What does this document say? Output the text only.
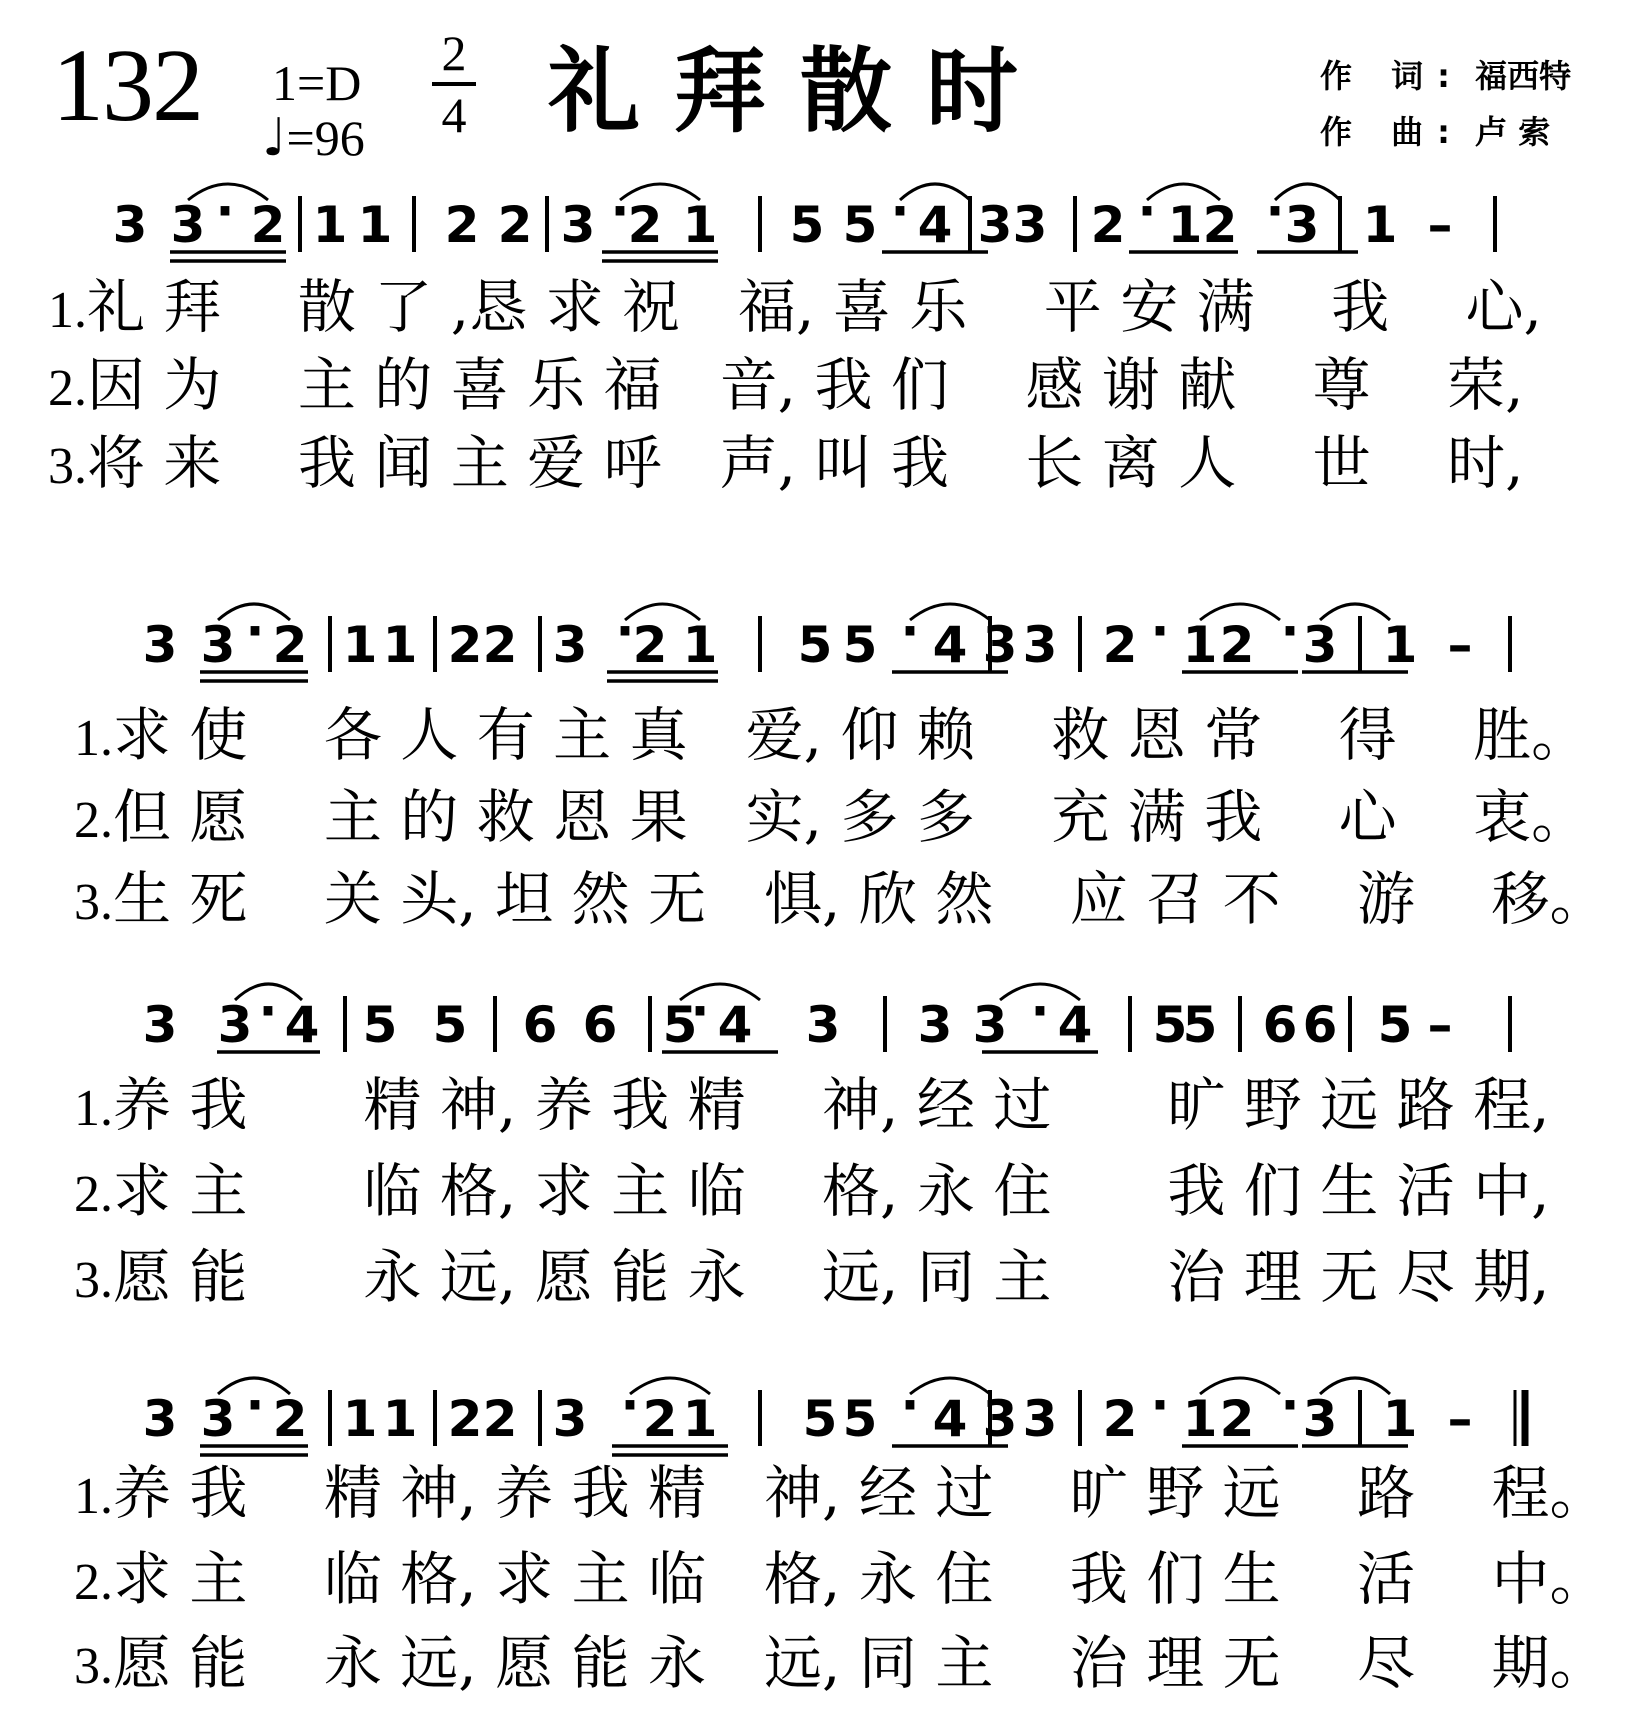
132 1=D
♩=96
2
4 礼拜散时	作 词: 福西特
作 曲: 卢 索
3 3 · 2 1 1 2 2 3 ·
2 1 5 5 · 4 3 3 2 · 1 2 · 3 1 –
1.礼 拜　 散 了 ,恳 求 祝　福, 喜 乐　 平 安 满　 我　 心,
2.因 为　 主 的 喜 乐 福　音, 我 们　 感 谢 献　 尊　 荣,
3.将 来　 我 闻 主 爱 呼　声, 叫 我　 长 离 人　 世　 时,
3 3 · 2 1 1 2 2 3 ·
2 1 5 5 · 4 3 3 2 · 1 2 · 3 1 –
1.求 使　 各 人 有 主 真　爱, 仰 赖　 救 恩 常　 得　 胜。
2.但 愿　 主 的 救 恩 果　实, 多 多　 充 满 我　 心　 衷。
3.生 死　 关 头, 坦 然 无　惧, 欣 然　 应 召 不　 游　 移。
3 3 · 4 5 5 6 6 5
· 4 3 3 3 · 4 5
5 6 6 5 –
1.养 我　　精 神, 养 我 精　 神, 经 过　　旷 野 远 路 程,
2.求 主　　临 格, 求 主 临　 格, 永 住　　我 们 生 活 中,
3.愿 能　　永 远, 愿 能 永　 远, 同 主　　治 理 无 尽 期,
3 3 · 2 1 1 2 2 3 · 2 1 5 5 · 4 3 3 2 · 1 2 · 3 1 –
1.养 我　 精 神, 养 我 精　神, 经 过　 旷 野 远　 路　 程。
2.求 主　 临 格, 求 主 临　格, 永 住　 我 们 生　 活　 中。
3.愿 能　 永 远, 愿 能 永　远, 同 主　 治 理 无　 尽　 期。
